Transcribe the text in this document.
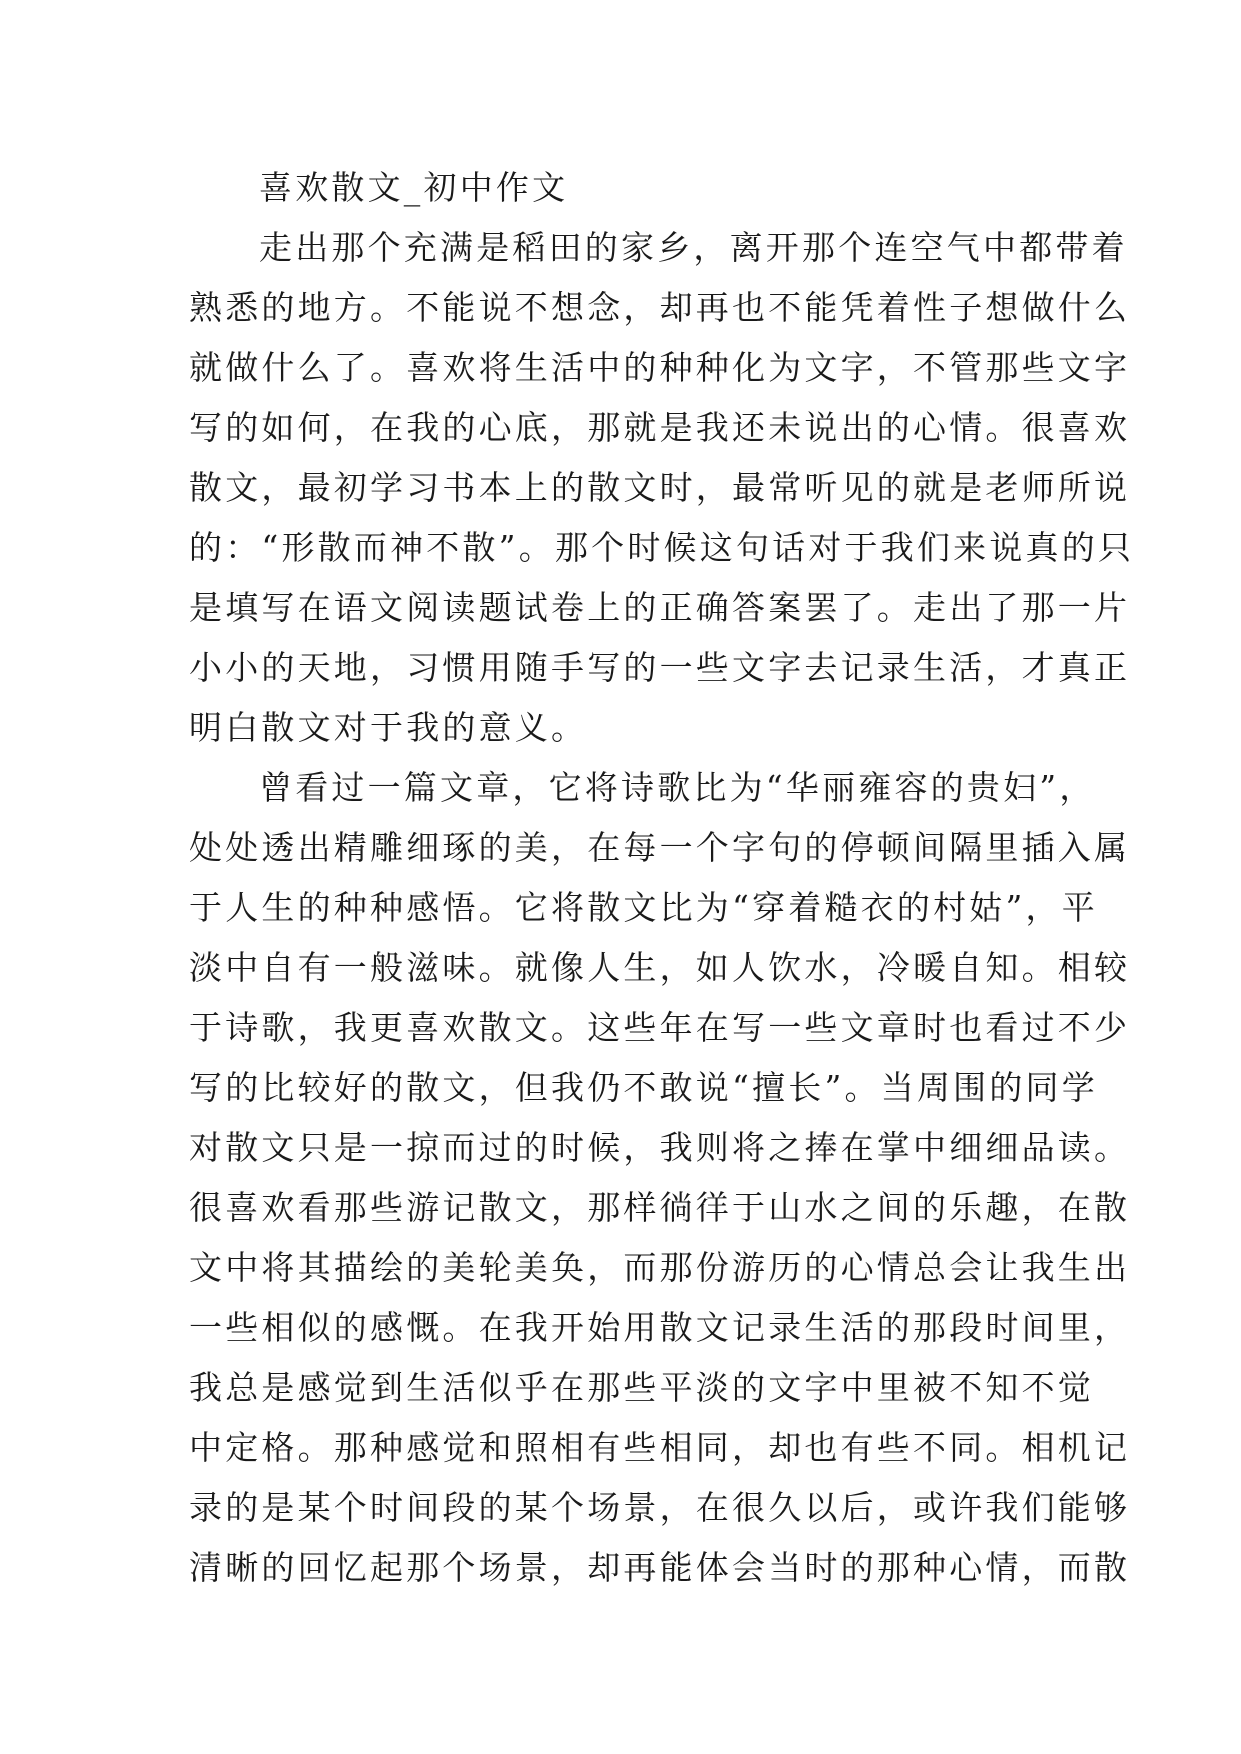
喜欢散文_初中作文
走出那个充满是稻田的家乡，离开那个连空气中都带着
熟悉的地方。不能说不想念，却再也不能凭着性子想做什么
就做什么了。喜欢将生活中的种种化为文字，不管那些文字
写的如何，在我的心底，那就是我还未说出的心情。很喜欢
散文，最初学习书本上的散文时，最常听见的就是老师所说
的：“形散而神不散”。那个时候这句话对于我们来说真的只
是填写在语文阅读题试卷上的正确答案罢了。走出了那一片
小小的天地，习惯用随手写的一些文字去记录生活，才真正
明白散文对于我的意义。
曾看过一篇文章，它将诗歌比为“华丽雍容的贵妇”，
处处透出精雕细琢的美，在每一个字句的停顿间隔里插入属
于人生的种种感悟。它将散文比为“穿着糙衣的村姑”，平
淡中自有一般滋味。就像人生，如人饮水，冷暖自知。相较
于诗歌，我更喜欢散文。这些年在写一些文章时也看过不少
写的比较好的散文，但我仍不敢说“擅长”。当周围的同学
对散文只是一掠而过的时候，我则将之捧在掌中细细品读。
很喜欢看那些游记散文，那样徜徉于山水之间的乐趣，在散
文中将其描绘的美轮美奂，而那份游历的心情总会让我生出
一些相似的感慨。在我开始用散文记录生活的那段时间里，
我总是感觉到生活似乎在那些平淡的文字中里被不知不觉
中定格。那种感觉和照相有些相同，却也有些不同。相机记
录的是某个时间段的某个场景，在很久以后，或许我们能够
清晰的回忆起那个场景，却再能体会当时的那种心情，而散
